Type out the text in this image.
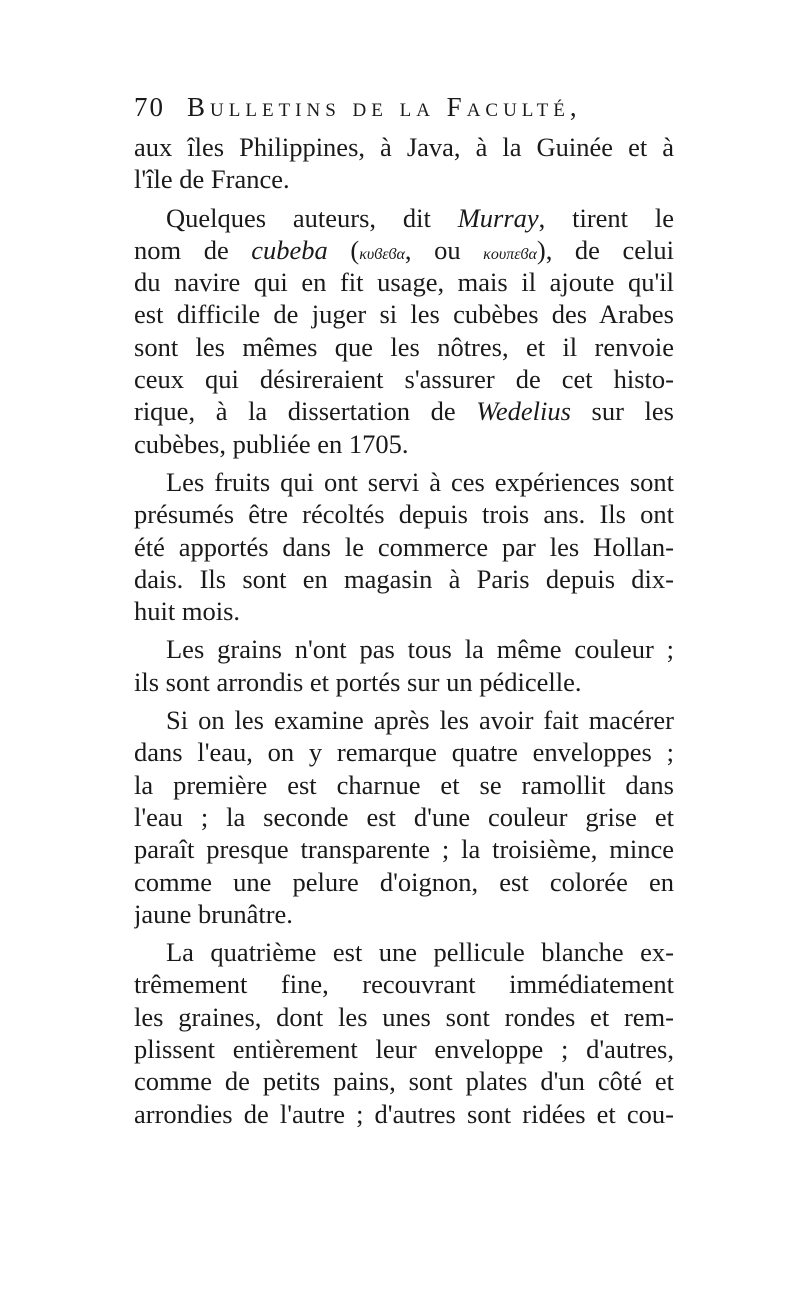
70 Bulletins de la Faculté,
aux îles Philippines, à Java, à la Guinée et à
l'île de France.
Quelques auteurs, dit Murray, tirent le
nom de cubeba (κυϐεϐα, ou κουπεϐα), de celui
du navire qui en fit usage, mais il ajoute qu'il
est difficile de juger si les cubèbes des Arabes
sont les mêmes que les nôtres, et il renvoie
ceux qui désireraient s'assurer de cet histo-
rique, à la dissertation de Wedelius sur les
cubèbes, publiée en 1705.
Les fruits qui ont servi à ces expériences sont
présumés être récoltés depuis trois ans. Ils ont
été apportés dans le commerce par les Hollan-
dais. Ils sont en magasin à Paris depuis dix-
huit mois.
Les grains n'ont pas tous la même couleur ;
ils sont arrondis et portés sur un pédicelle.
Si on les examine après les avoir fait macérer
dans l'eau, on y remarque quatre enveloppes ;
la première est charnue et se ramollit dans
l'eau ; la seconde est d'une couleur grise et
paraît presque transparente ; la troisième, mince
comme une pelure d'oignon, est colorée en
jaune brunâtre.
La quatrième est une pellicule blanche ex-
trêmement fine, recouvrant immédiatement
les graines, dont les unes sont rondes et rem-
plissent entièrement leur enveloppe ; d'autres,
comme de petits pains, sont plates d'un côté et
arrondies de l'autre ; d'autres sont ridées et cou-
